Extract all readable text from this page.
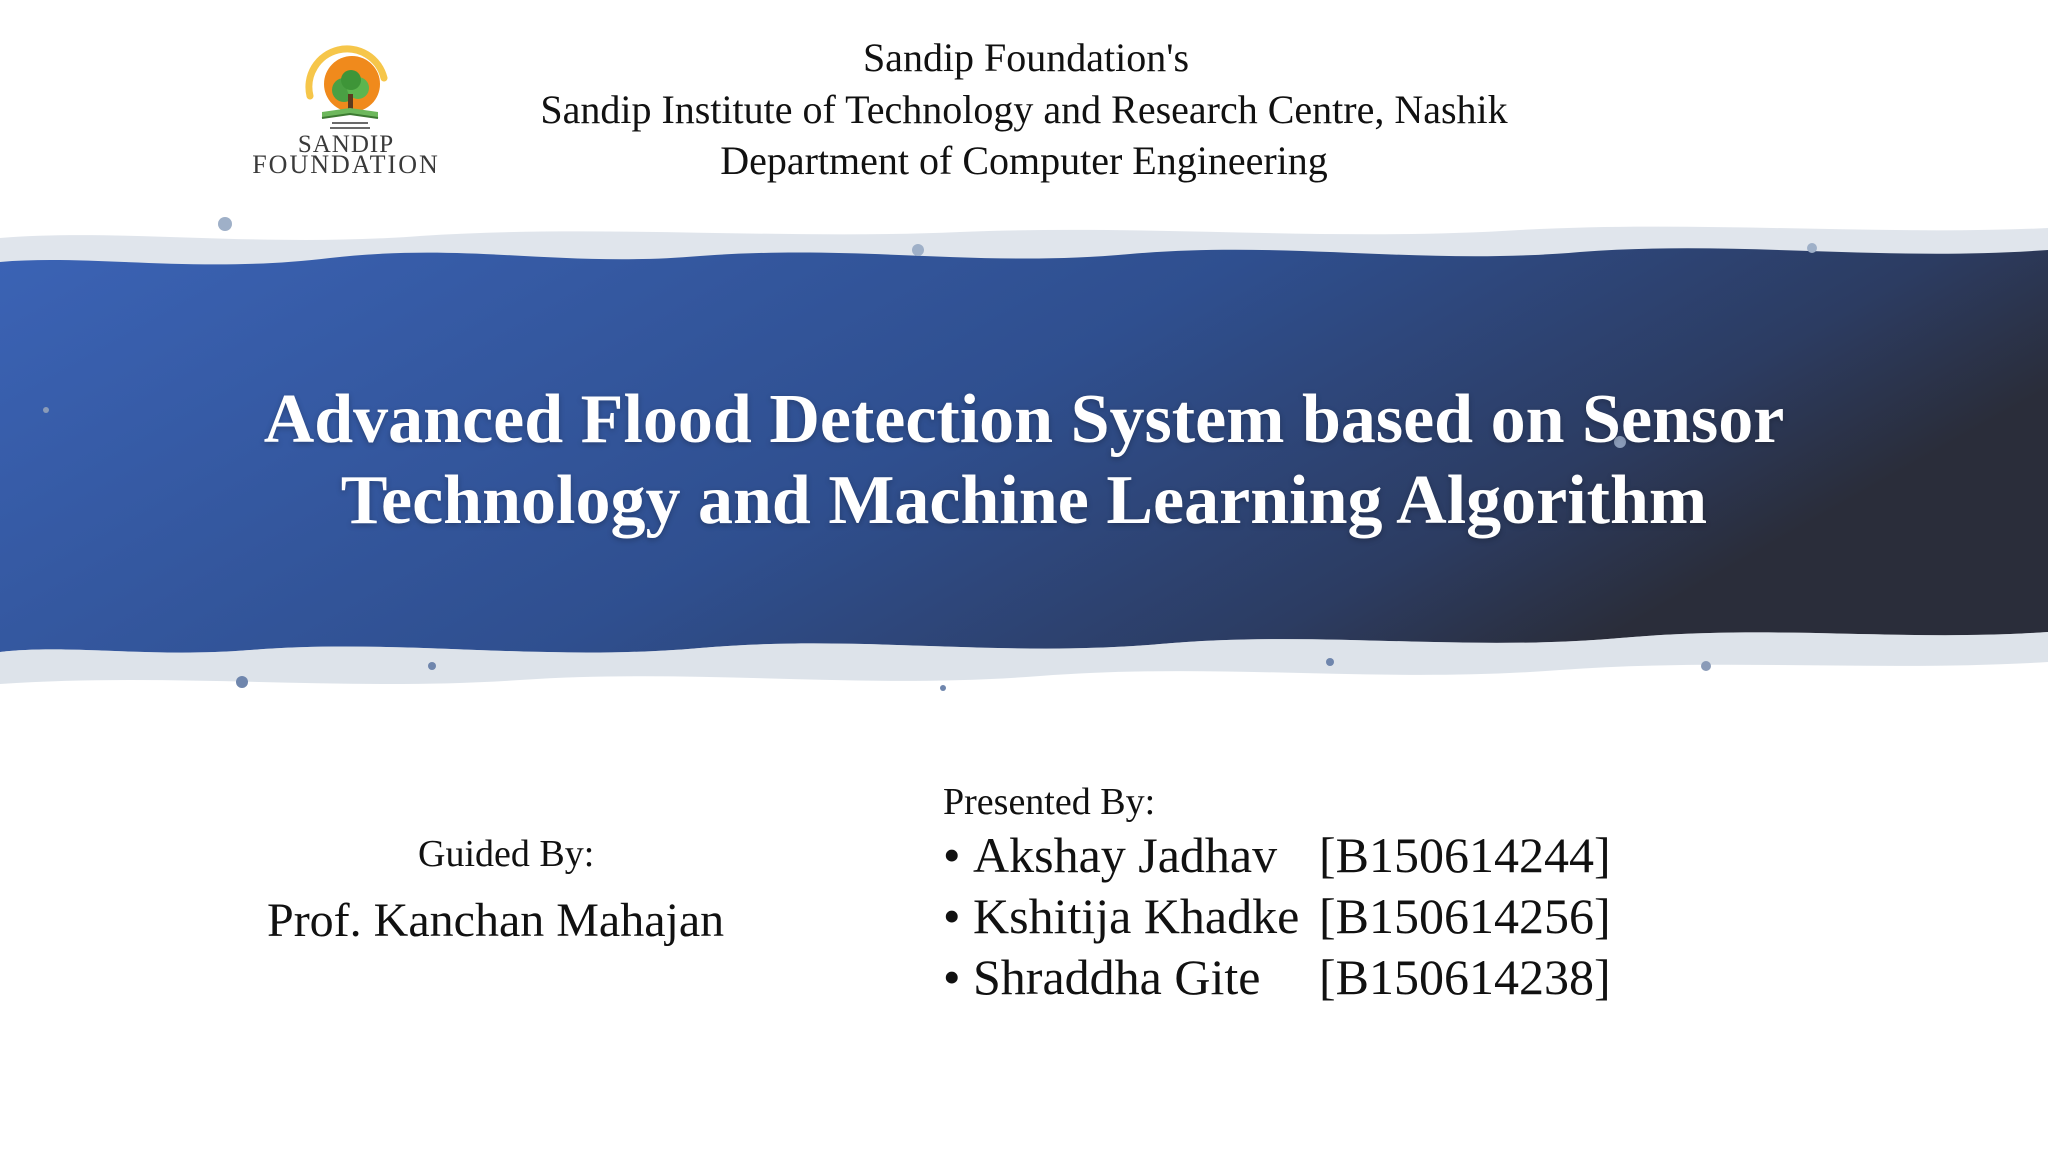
SANDIP
FOUNDATION
Sandip Foundation's
Sandip Institute of Technology and Research Centre, Nashik
Department of Computer Engineering
Advanced Flood Detection System based on Sensor
Technology and Machine Learning Algorithm
Guided By:
Prof. Kanchan Mahajan
Presented By:
• Akshay Jadhav [B150614244]
• Kshitija Khadke [B150614256]
• Shraddha Gite [B150614238]
